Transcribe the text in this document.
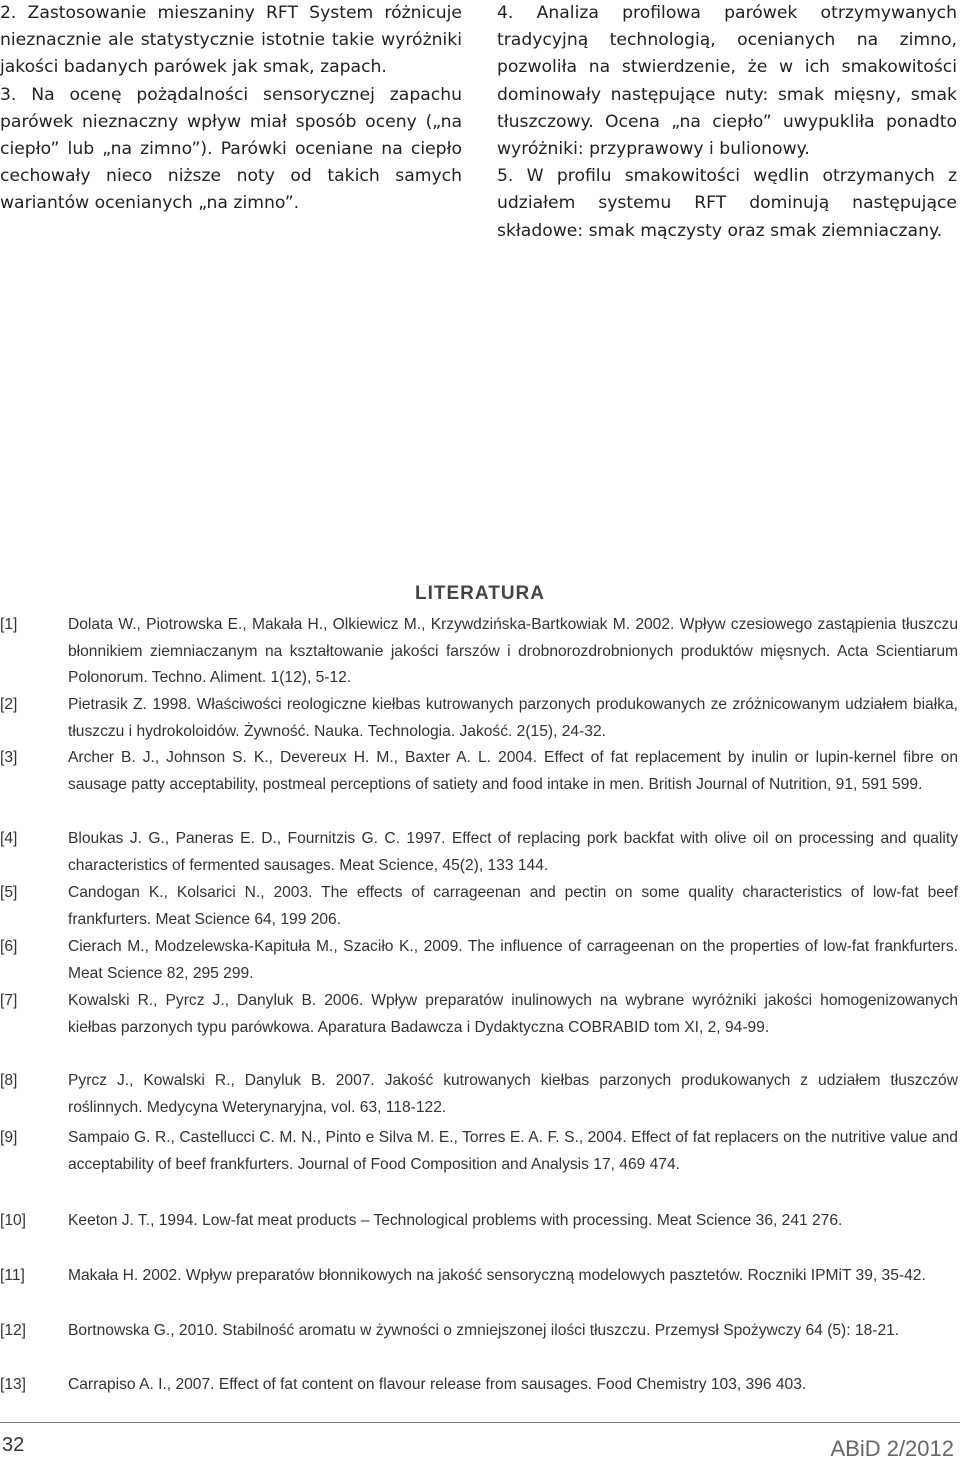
2. Zastosowanie mieszaniny RFT System różnicuje nieznacznie ale statystycznie istotnie takie wyróżniki jakości badanych parówek jak smak, zapach.

3. Na ocenę pożądalności sensorycznej zapachu parówek nieznaczny wpływ miał sposób oceny („na ciepło” lub „na zimno”). Parówki oceniane na ciepło cechowały nieco niższe noty od takich samych wariantów ocenianych „na zimno”.

4. Analiza profilowa parówek otrzymywanych tradycyjną technologią, ocenianych na zimno, pozwoliła na stwierdzenie, że w ich smakowitości dominowały następujące nuty: smak mięsny, smak tłuszczowy. Ocena „na ciepło” uwypukliła ponadto wyróżniki: przyprawowy i bulionowy.

5. W profilu smakowitości wędlin otrzymanych z udziałem systemu RFT dominują następujące składowe: smak mączysty oraz smak ziemniaczany.

LITERATURA
[1]	Dolata W., Piotrowska E., Makała H., Olkiewicz M., Krzywdzińska-Bartkowiak M. 2002. Wpływ czesiowego zastąpienia tłuszczu błonnikiem ziemniaczanym na kształtowanie jakości farszów i drobnorozdrobnionych produktów mięsnych. Acta Scientiarum Polonorum. Techno. Aliment. 1(12), 5-12.
[2]	Pietrasik Z. 1998. Właściwości reologiczne kiełbas kutrowanych parzonych produkowanych ze zróżnicowanym udziałem białka, tłuszczu i hydrokoloidów. Żywność. Nauka. Technologia. Jakość. 2(15), 24-32.
[3]	Archer B. J., Johnson S. K., Devereux H. M., Baxter A. L. 2004. Effect of fat replacement by inulin or lupin-kernel fibre on sausage patty acceptability, postmeal perceptions of satiety and food intake in men. British Journal of Nutrition, 91, 591 599.
[4]	Bloukas J. G., Paneras E. D., Fournitzis G. C. 1997. Effect of replacing pork backfat with olive oil on processing and quality characteristics of fermented sausages. Meat Science, 45(2), 133 144.
[5]	Candogan K., Kolsarici N., 2003. The effects of carrageenan and pectin on some quality characteristics of low-fat beef frankfurters. Meat Science 64, 199 206.
[6]	Cierach M., Modzelewska-Kapituła M., Szaciło K., 2009. The influence of carrageenan on the properties of low-fat frankfurters. Meat Science 82, 295 299.
[7]	Kowalski R., Pyrcz J., Danyluk B. 2006. Wpływ preparatów inulinowych na wybrane wyróżniki jakości homogenizowanych kiełbas parzonych typu parówkowa. Aparatura Badawcza i Dydaktyczna COBRABID tom XI, 2, 94-99.
[8]	Pyrcz J., Kowalski R., Danyluk B. 2007. Jakość kutrowanych kiełbas parzonych produkowanych z udziałem tłuszczów roślinnych. Medycyna Weterynaryjna, vol. 63, 118-122.
[9]	Sampaio G. R., Castellucci C. M. N., Pinto e Silva M. E., Torres E. A. F. S., 2004. Effect of fat replacers on the nutritive value and acceptability of beef frankfurters. Journal of Food Composition and Analysis 17, 469 474.
[10]	Keeton J. T., 1994. Low-fat meat products – Technological problems with processing. Meat Science 36, 241 276.
[11]	Makała H. 2002. Wpływ preparatów błonnikowych na jakość sensoryczną modelowych pasztetów. Roczniki IPMiT 39, 35-42.
[12]	Bortnowska G., 2010. Stabilność aromatu w żywności o zmniejszonej ilości tłuszczu. Przemysł Spożywczy 64 (5): 18-21.
[13]	Carrapiso A. I., 2007. Effect of fat content on flavour release from sausages. Food Chemistry 103, 396 403.
32	ABiD 2/2012
